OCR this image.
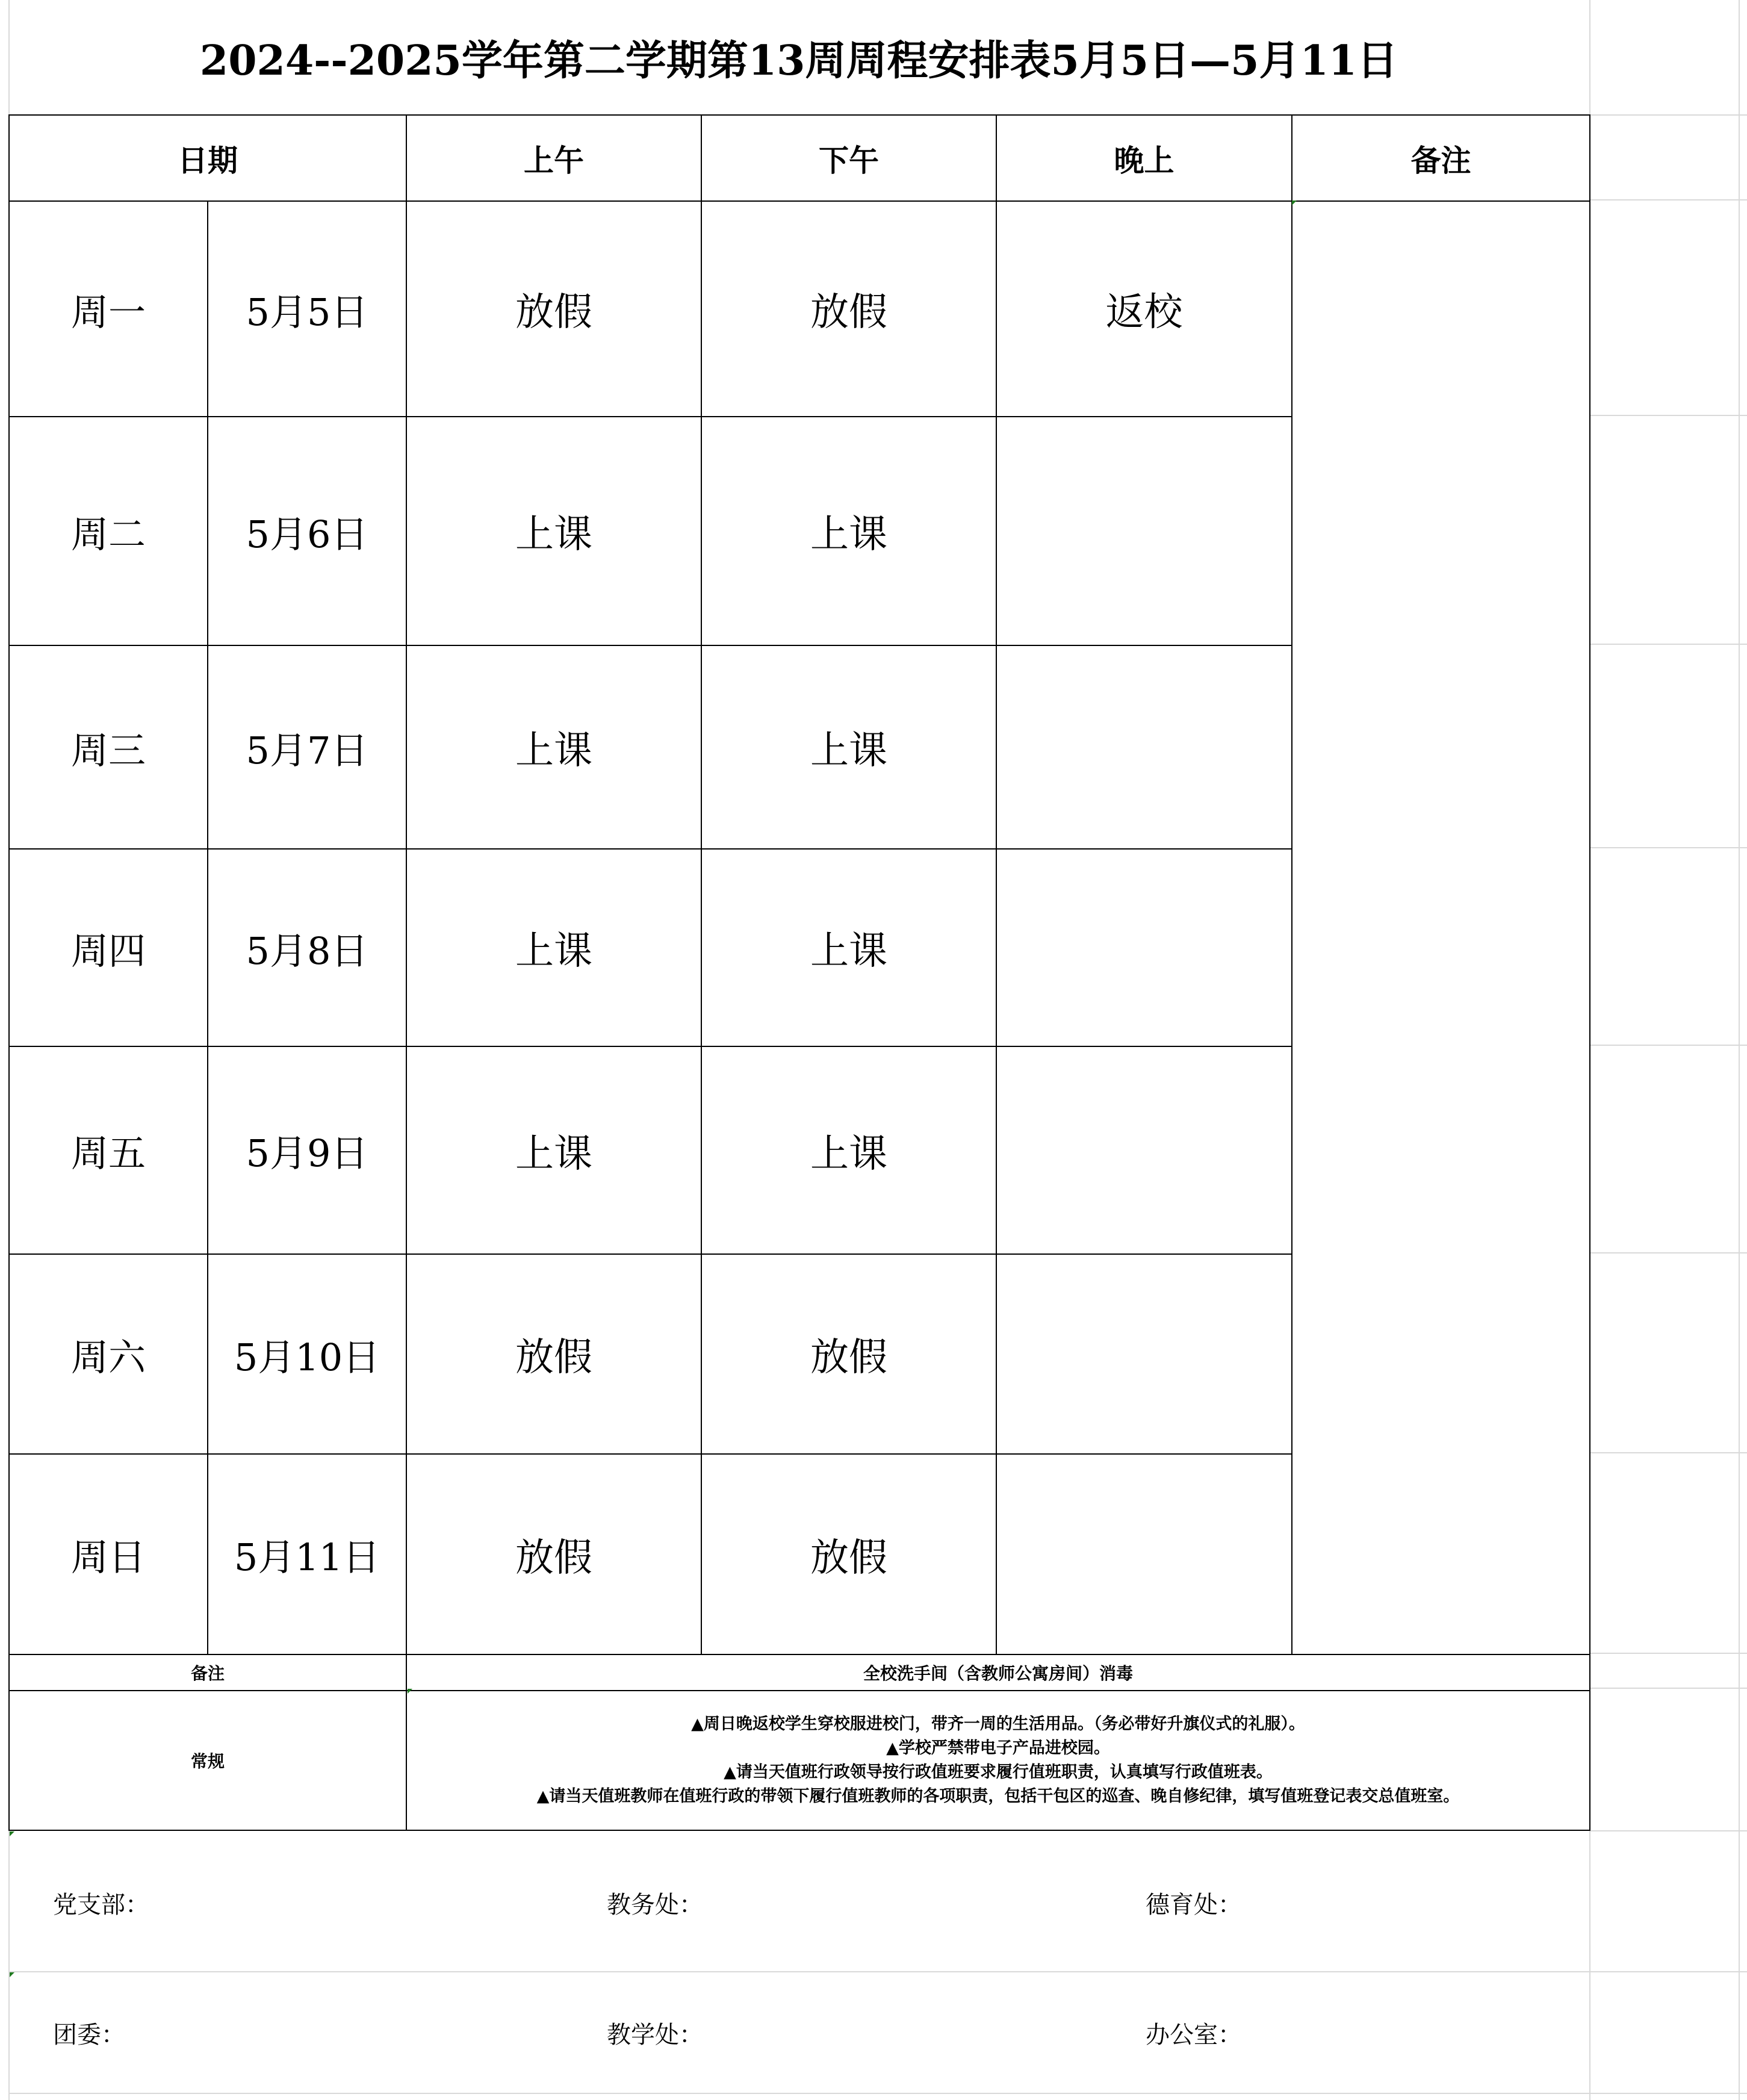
2024--2025学年第二学期第13周周程安排表5月5日—5月11日
日期		上午	下午	晚上	备注
周一	5月5日	放假	放假	返校	
周二	5月6日	上课	上课		
周三	5月7日	上课	上课		
周四	5月8日	上课	上课		
周五	5月9日	上课	上课		
周六	5月10日	放假	放假		
周日	5月11日	放假	放假		
备注		全校洗手间（含教师公寓房间）消毒			
常规		▲周日晚返校学生穿校服进校门，带齐一周的生活用品。（务必带好升旗仪式的礼服）。
▲学校严禁带电子产品进校园。
▲请当天值班行政领导按行政值班要求履行值班职责，认真填写行政值班表。
▲请当天值班教师在值班行政的带领下履行值班教师的各项职责，包括干包区的巡查、晚自修纪律，填写值班登记表交总值班室。			
党支部：	教务处：	德育处：
团委：	教学处：	办公室：
